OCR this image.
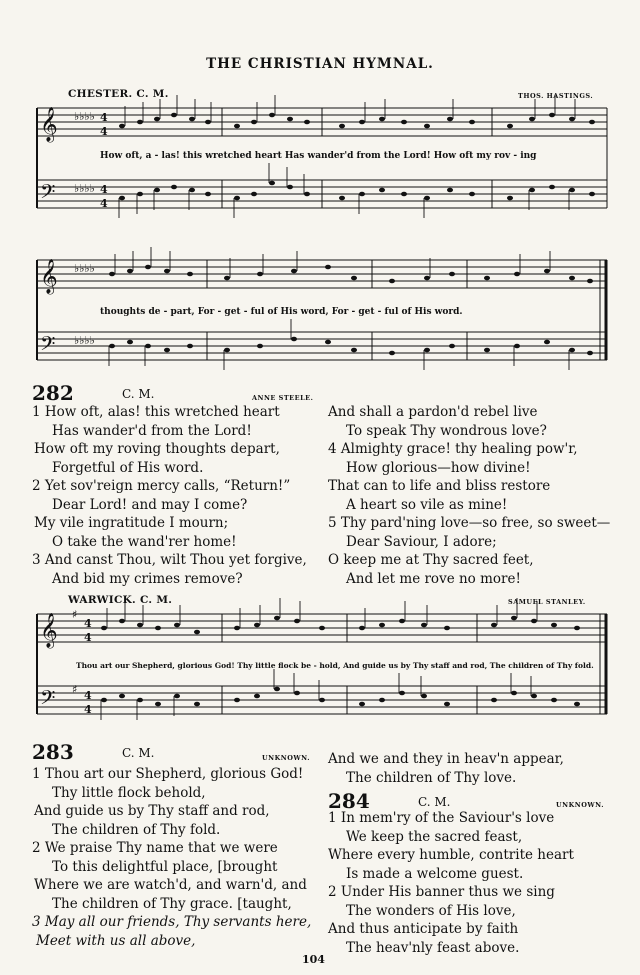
THE CHRISTIAN HYMNAL.
CHESTER. C. M.	THOS. HASTINGS.
𝄞
𝄢
♭♭♭♭
♭♭♭♭
4
4
4
4
How oft, a - las! this wretched heart Has wander'd from the Lord! How oft my rov - ing
𝄞
𝄢
♭♭♭♭
♭♭♭♭
thoughts de - part, For - get - ful of His word, For - get - ful of His word.
282	C. M.	ANNE STEELE.
1 How oft, alas! this wretched heart
Has wander'd from the Lord!
How oft my roving thoughts depart,
Forgetful of His word.
2 Yet sov'reign mercy calls, “Return!”
Dear Lord! and may I come?
My vile ingratitude I mourn;
O take the wand'rer home!
3 And canst Thou, wilt Thou yet forgive,
And bid my crimes remove?
And shall a pardon'd rebel live
To speak Thy wondrous love?
4 Almighty grace! thy healing pow'r,
How glorious—how divine!
That can to life and bliss restore
A heart so vile as mine!
5 Thy pard'ning love—so free, so sweet—
Dear Saviour, I adore;
O keep me at Thy sacred feet,
And let me rove no more!
WARWICK. C. M.	SAMUEL STANLEY.
𝄞
𝄢
♯
♯
4
4
4
4
Thou art our Shepherd, glorious God! Thy little flock be - hold, And guide us by Thy staff and rod, The children of Thy fold.
283	C. M.	UNKNOWN.
1 Thou art our Shepherd, glorious God!
Thy little flock behold,
And guide us by Thy staff and rod,
The children of Thy fold.
2 We praise Thy name that we were
To this delightful place, [brought
Where we are watch'd, and warn'd, and
The children of Thy grace. [taught,
3 May all our friends, Thy servants here,
Meet with us all above,
And we and they in heav'n appear,
The children of Thy love.
284	C. M.	UNKNOWN.
1 In mem'ry of the Saviour's love
We keep the sacred feast,
Where every humble, contrite heart
Is made a welcome guest.
2 Under His banner thus we sing
The wonders of His love,
And thus anticipate by faith
The heav'nly feast above.
104
